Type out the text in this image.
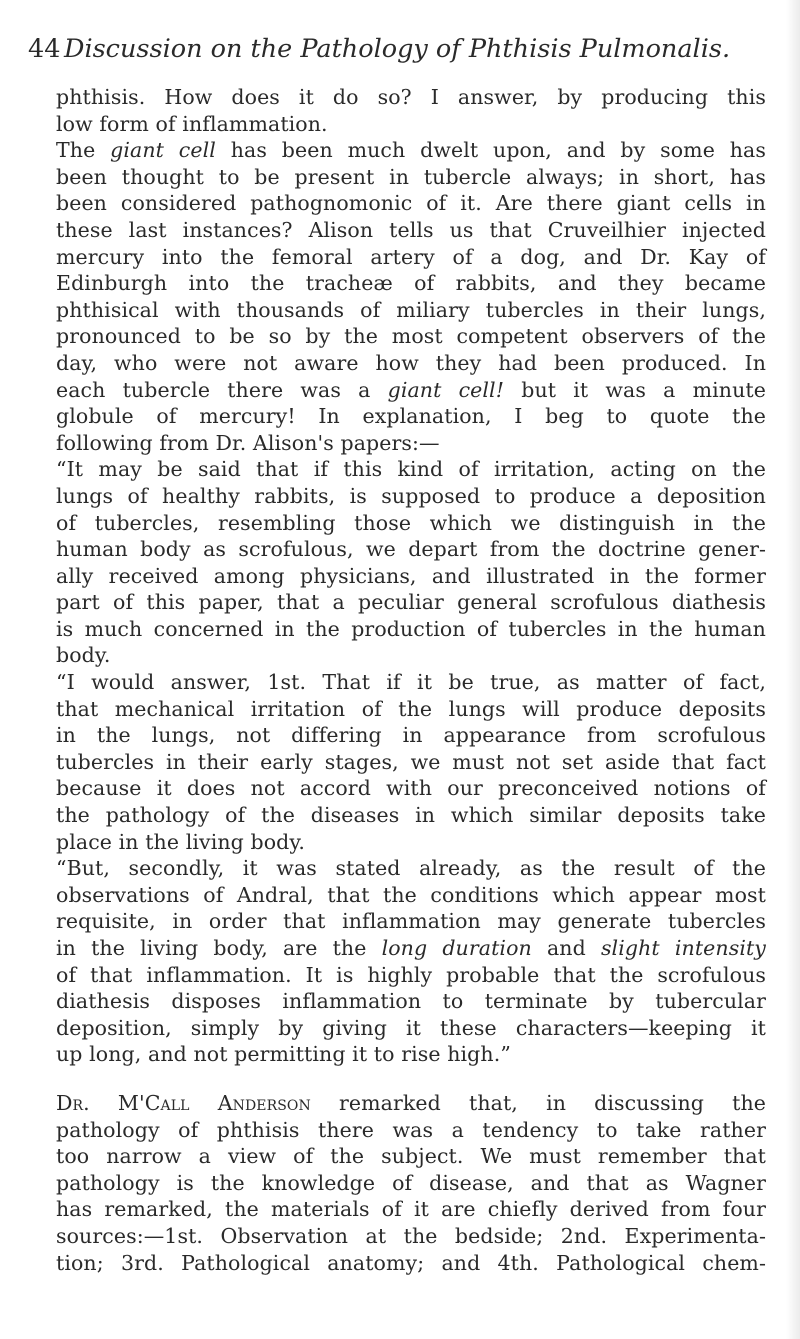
44 Discussion on the Pathology of Phthisis Pulmonalis.

phthisis. How does it do so? I answer, by producing this

low form of inflammation.

The giant cell has been much dwelt upon, and by some has

been thought to be present in tubercle always; in short, has

been considered pathognomonic of it. Are there giant cells in

these last instances? Alison tells us that Cruveilhier injected

mercury into the femoral artery of a dog, and Dr. Kay of

Edinburgh into the tracheæ of rabbits, and they became

phthisical with thousands of miliary tubercles in their lungs,

pronounced to be so by the most competent observers of the

day, who were not aware how they had been produced. In

each tubercle there was a giant cell! but it was a minute

globule of mercury! In explanation, I beg to quote the

following from Dr. Alison's papers:—

“It may be said that if this kind of irritation, acting on the

lungs of healthy rabbits, is supposed to produce a deposition

of tubercles, resembling those which we distinguish in the

human body as scrofulous, we depart from the doctrine gener-

ally received among physicians, and illustrated in the former

part of this paper, that a peculiar general scrofulous diathesis

is much concerned in the production of tubercles in the human

body.

“I would answer, 1st. That if it be true, as matter of fact,

that mechanical irritation of the lungs will produce deposits

in the lungs, not differing in appearance from scrofulous

tubercles in their early stages, we must not set aside that fact

because it does not accord with our preconceived notions of

the pathology of the diseases in which similar deposits take

place in the living body.

“But, secondly, it was stated already, as the result of the

observations of Andral, that the conditions which appear most

requisite, in order that inflammation may generate tubercles

in the living body, are the long duration and slight intensity

of that inflammation. It is highly probable that the scrofulous

diathesis disposes inflammation to terminate by tubercular

deposition, simply by giving it these characters—keeping it

up long, and not permitting it to rise high.”

Dr. M'Call Anderson remarked that, in discussing the

pathology of phthisis there was a tendency to take rather

too narrow a view of the subject. We must remember that

pathology is the knowledge of disease, and that as Wagner

has remarked, the materials of it are chiefly derived from four

sources:—1st. Observation at the bedside; 2nd. Experimenta-

tion; 3rd. Pathological anatomy; and 4th. Pathological chem-
